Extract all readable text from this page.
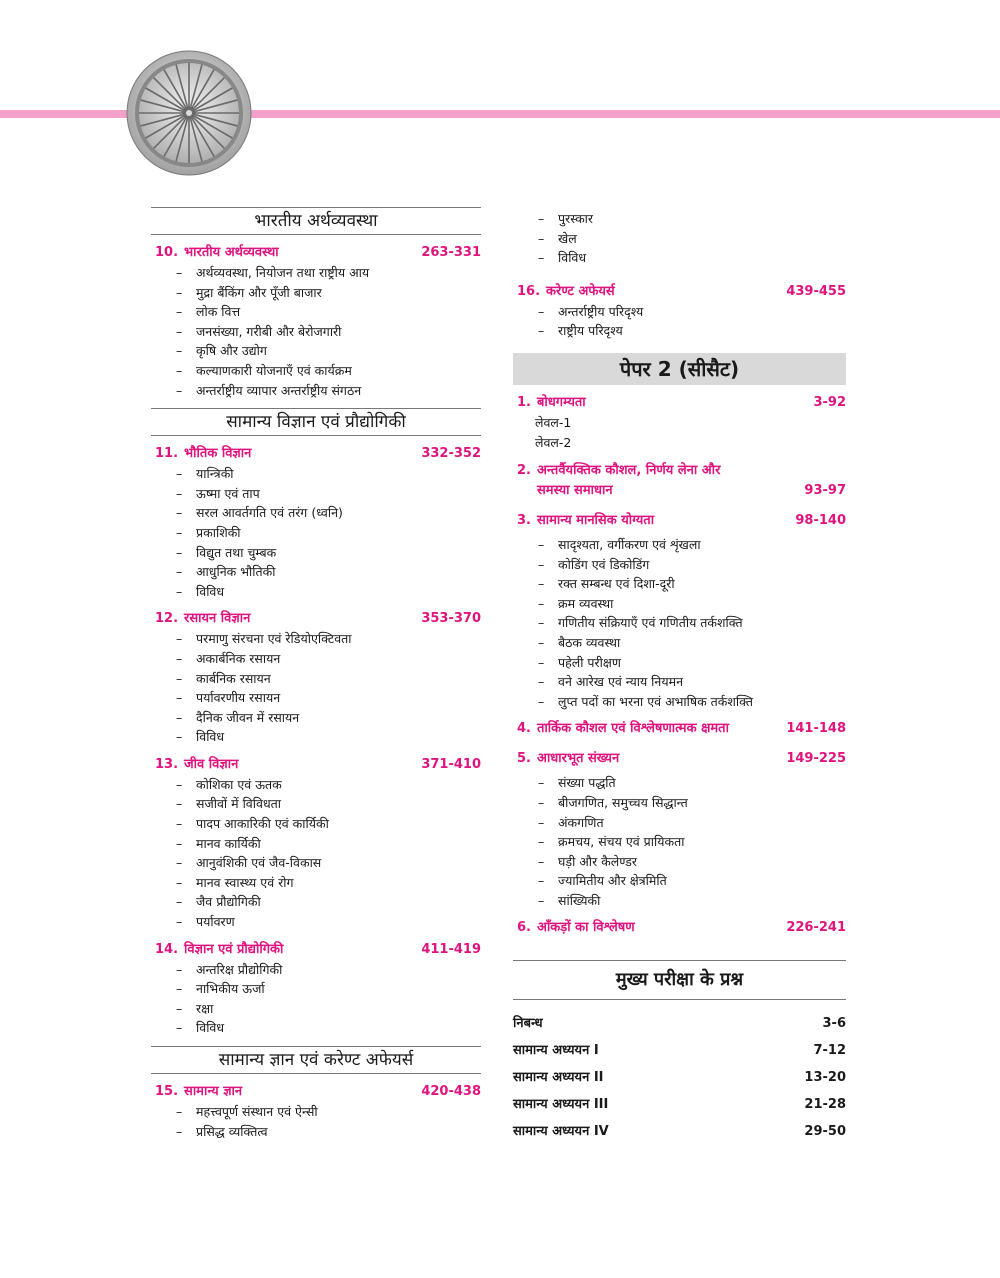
भारतीय अर्थव्यवस्था
10. भारतीय अर्थव्यवस्था	263-331
– अर्थव्यवस्था, नियोजन तथा राष्ट्रीय आय
– मुद्रा बैंकिंग और पूँजी बाजार
– लोक वित्त
– जनसंख्या, गरीबी और बेरोजगारी
– कृषि और उद्योग
– कल्याणकारी योजनाएँ एवं कार्यक्रम
– अन्तर्राष्ट्रीय व्यापार अन्तर्राष्ट्रीय संगठन
सामान्य विज्ञान एवं प्रौद्योगिकी
11. भौतिक विज्ञान	332-352
– यान्त्रिकी
– ऊष्मा एवं ताप
– सरल आवर्तगति एवं तरंग (ध्वनि)
– प्रकाशिकी
– विद्युत तथा चुम्बक
– आधुनिक भौतिकी
– विविध
12. रसायन विज्ञान	353-370
– परमाणु संरचना एवं रेडियोएक्टिवता
– अकार्बनिक रसायन
– कार्बनिक रसायन
– पर्यावरणीय रसायन
– दैनिक जीवन में रसायन
– विविध
13. जीव विज्ञान	371-410
– कोशिका एवं ऊतक
– सजीवों में विविधता
– पादप आकारिकी एवं कार्यिकी
– मानव कार्यिकी
– आनुवंशिकी एवं जैव-विकास
– मानव स्वास्थ्य एवं रोग
– जैव प्रौद्योगिकी
– पर्यावरण
14. विज्ञान एवं प्रौद्योगिकी	411-419
– अन्तरिक्ष प्रौद्योगिकी
– नाभिकीय ऊर्जा
– रक्षा
– विविध
सामान्य ज्ञान एवं करेण्ट अफेयर्स
15. सामान्य ज्ञान	420-438
– महत्त्वपूर्ण संस्थान एवं ऐन्सी
– प्रसिद्ध व्यक्तित्व
– पुरस्कार
– खेल
– विविध
16. करेण्ट अफेयर्स	439-455
– अन्तर्राष्ट्रीय परिदृश्य
– राष्ट्रीय परिदृश्य
पेपर 2 (सीसैट)
1. बोधगम्यता	3-92
लेवल-1
लेवल-2
2. अन्तर्वैयक्तिक कौशल, निर्णय लेना और
समस्या समाधान	93-97
3. सामान्य मानसिक योग्यता	98-140
– सादृश्यता, वर्गीकरण एवं शृंखला
– कोडिंग एवं डिकोडिंग
– रक्त सम्बन्ध एवं दिशा-दूरी
– क्रम व्यवस्था
– गणितीय संक्रियाएँ एवं गणितीय तर्कशक्ति
– बैठक व्यवस्था
– पहेली परीक्षण
– वने आरेख एवं न्याय नियमन
– लुप्त पदों का भरना एवं अभाषिक तर्कशक्ति
4. तार्किक कौशल एवं विश्लेषणात्मक क्षमता	141-148
5. आधारभूत संख्यन	149-225
– संख्या पद्धति
– बीजगणित, समुच्चय सिद्धान्त
– अंकगणित
– क्रमचय, संचय एवं प्रायिकता
– घड़ी और कैलेण्डर
– ज्यामितीय और क्षेत्रमिति
– सांख्यिकी
6. आँकड़ों का विश्लेषण	226-241
मुख्य परीक्षा के प्रश्न
निबन्ध	3-6
सामान्य अध्ययन I	7-12
सामान्य अध्ययन II	13-20
सामान्य अध्ययन III	21-28
सामान्य अध्ययन IV	29-50
